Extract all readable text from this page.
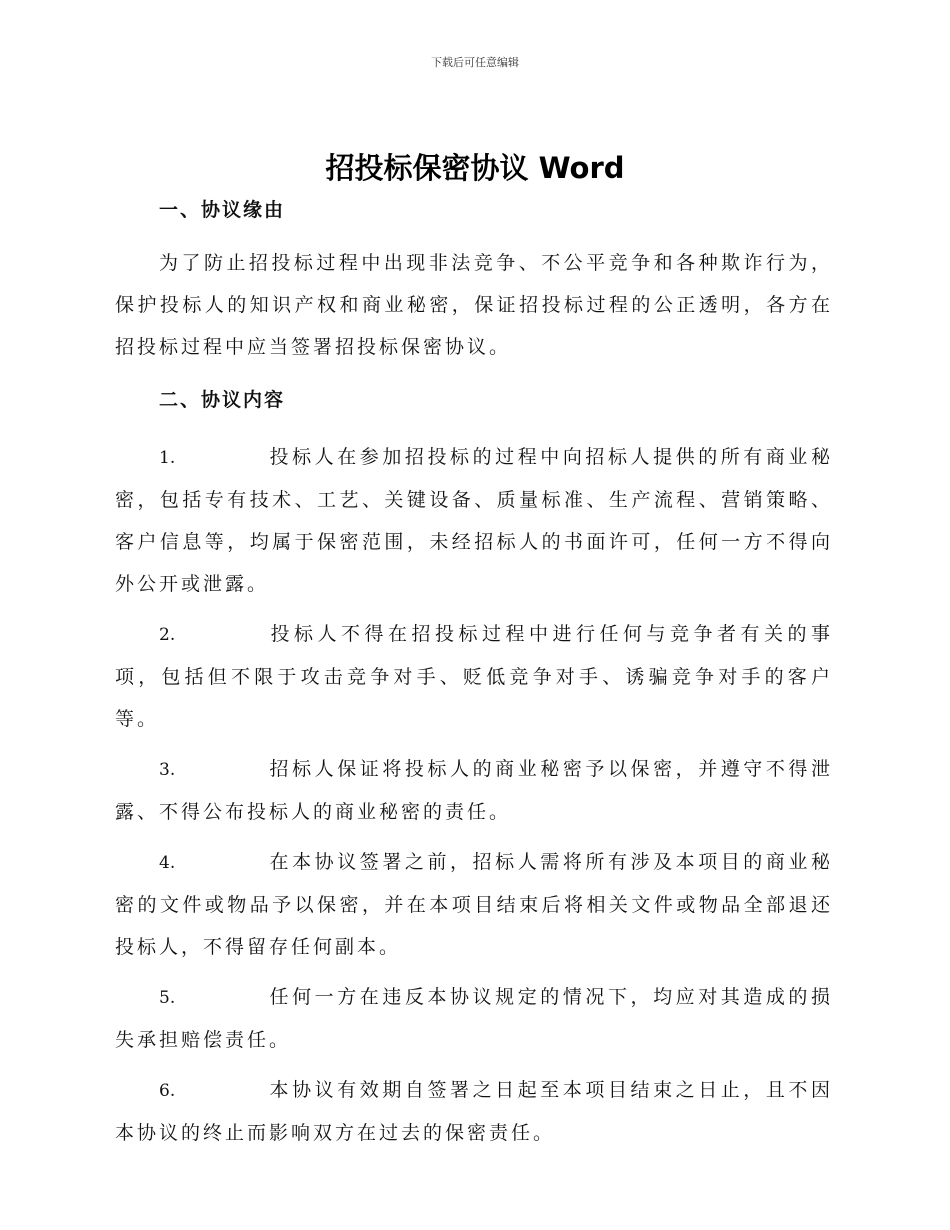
下载后可任意编辑
招投标保密协议 Word

一、协议缘由

为了防止招投标过程中出现非法竞争、不公平竞争和各种欺诈行为，保护投标人的知识产权和商业秘密，保证招投标过程的公正透明，各方在招投标过程中应当签署招投标保密协议。

二、协议内容

1.	投标人在参加招投标的过程中向招标人提供的所有商业秘密，包括专有技术、工艺、关键设备、质量标准、生产流程、营销策略、客户信息等，均属于保密范围，未经招标人的书面许可，任何一方不得向外公开或泄露。

2.	投标人不得在招投标过程中进行任何与竞争者有关的事项，包括但不限于攻击竞争对手、贬低竞争对手、诱骗竞争对手的客户等。

3.	招标人保证将投标人的商业秘密予以保密，并遵守不得泄露、不得公布投标人的商业秘密的责任。

4.	在本协议签署之前，招标人需将所有涉及本项目的商业秘密的文件或物品予以保密，并在本项目结束后将相关文件或物品全部退还投标人，不得留存任何副本。

5.	任何一方在违反本协议规定的情况下，均应对其造成的损失承担赔偿责任。

6.	本协议有效期自签署之日起至本项目结束之日止，且不因本协议的终止而影响双方在过去的保密责任。
